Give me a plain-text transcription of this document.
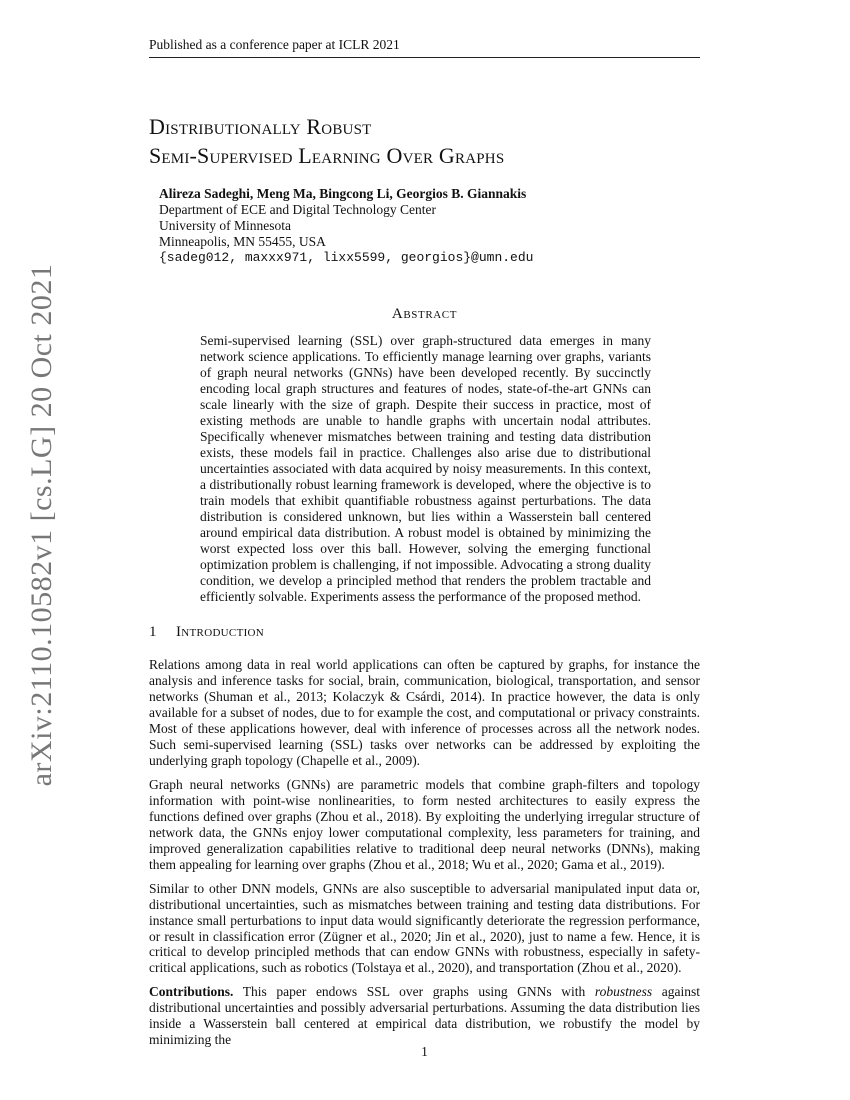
Published as a conference paper at ICLR 2021
arXiv:2110.10582v1 [cs.LG] 20 Oct 2021
Distributionally Robust
Semi-Supervised Learning Over Graphs
Alireza Sadeghi, Meng Ma, Bingcong Li, Georgios B. Giannakis
Department of ECE and Digital Technology Center
University of Minnesota
Minneapolis, MN 55455, USA
{sadeg012, maxxx971, lixx5599, georgios}@umn.edu
Abstract
Semi-supervised learning (SSL) over graph-structured data emerges in many network science applications. To efficiently manage learning over graphs, variants of graph neural networks (GNNs) have been developed recently. By succinctly encoding local graph structures and features of nodes, state-of-the-art GNNs can scale linearly with the size of graph. Despite their success in practice, most of existing methods are unable to handle graphs with uncertain nodal attributes. Specifically whenever mismatches between training and testing data distribution exists, these models fail in practice. Challenges also arise due to distributional uncertainties associated with data acquired by noisy measurements. In this context, a distributionally robust learning framework is developed, where the objective is to train models that exhibit quantifiable robustness against perturbations. The data distribution is considered unknown, but lies within a Wasserstein ball centered around empirical data distribution. A robust model is obtained by minimizing the worst expected loss over this ball. However, solving the emerging functional optimization problem is challenging, if not impossible. Advocating a strong duality condition, we develop a principled method that renders the problem tractable and efficiently solvable. Experiments assess the performance of the proposed method.
1 Introduction

Relations among data in real world applications can often be captured by graphs, for instance the analysis and inference tasks for social, brain, communication, biological, transportation, and sensor networks (Shuman et al., 2013; Kolaczyk & Csárdi, 2014). In practice however, the data is only available for a subset of nodes, due to for example the cost, and computational or privacy constraints. Most of these applications however, deal with inference of processes across all the network nodes. Such semi-supervised learning (SSL) tasks over networks can be addressed by exploiting the underlying graph topology (Chapelle et al., 2009).

Graph neural networks (GNNs) are parametric models that combine graph-filters and topology information with point-wise nonlinearities, to form nested architectures to easily express the functions defined over graphs (Zhou et al., 2018). By exploiting the underlying irregular structure of network data, the GNNs enjoy lower computational complexity, less parameters for training, and improved generalization capabilities relative to traditional deep neural networks (DNNs), making them appealing for learning over graphs (Zhou et al., 2018; Wu et al., 2020; Gama et al., 2019).

Similar to other DNN models, GNNs are also susceptible to adversarial manipulated input data or, distributional uncertainties, such as mismatches between training and testing data distributions. For instance small perturbations to input data would significantly deteriorate the regression performance, or result in classification error (Zügner et al., 2020; Jin et al., 2020), just to name a few. Hence, it is critical to develop principled methods that can endow GNNs with robustness, especially in safety-critical applications, such as robotics (Tolstaya et al., 2020), and transportation (Zhou et al., 2020).

Contributions. This paper endows SSL over graphs using GNNs with robustness against distributional uncertainties and possibly adversarial perturbations. Assuming the data distribution lies inside a Wasserstein ball centered at empirical data distribution, we robustify the model by minimizing the

1
